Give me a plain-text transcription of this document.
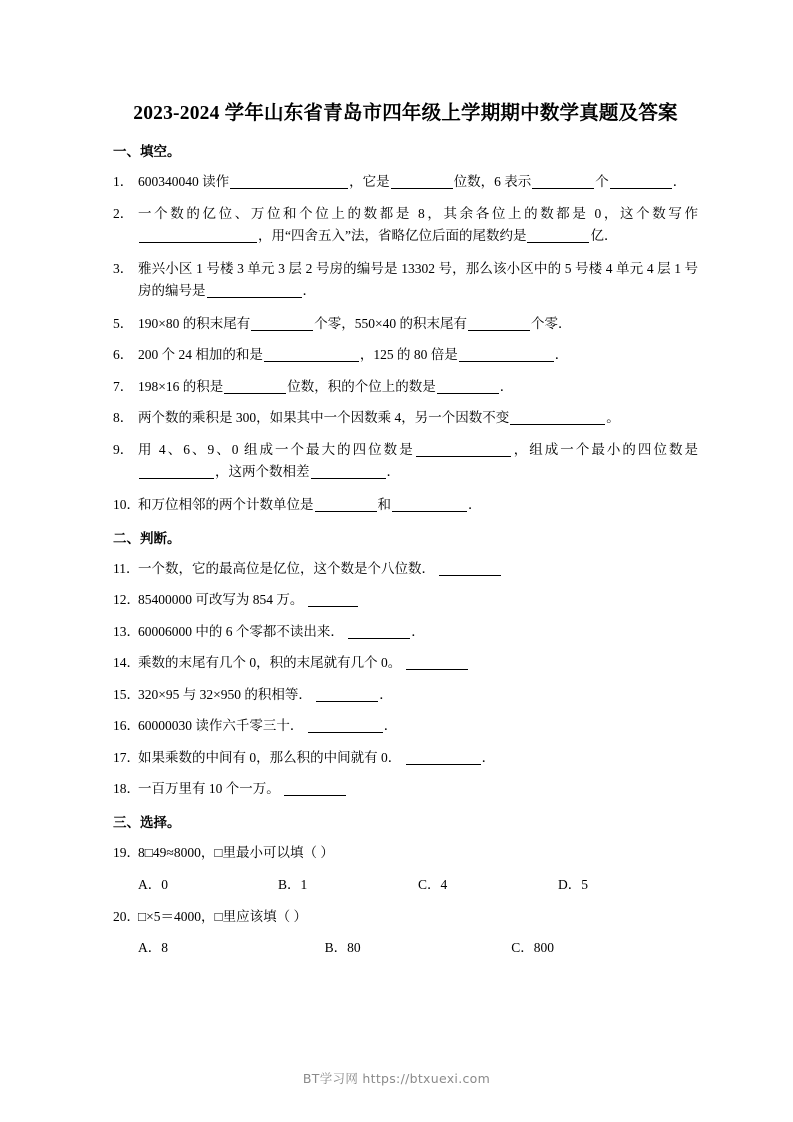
2023-2024 学年山东省青岛市四年级上学期期中数学真题及答案
一、填空。
1． 600340040 读作	，它是	位数，6 表示	个	．
2． 一个数的亿位、万位和个位上的数都是 8，其余各位上的数都是 0，这个数写作，用“四舍五入”法，省略亿位后面的尾数约是	亿．
3． 雅兴小区 1 号楼 3 单元 3 层 2 号房的编号是 13302 号，那么该小区中的 5 号楼 4 单元 4 层 1 号房的编号是	．
5． 190×80 的积末尾有	个零，550×40 的积末尾有	个零．
6． 200 个 24 相加的和是	，125 的 80 倍是	．
7． 198×16 的积是	位数，积的个位上的数是	．
8． 两个数的乘积是 300，如果其中一个因数乘 4，另一个因数不变	。
9． 用 4、6、9、0 组成一个最大的四位数是	，组成一个最小的四位数是，这两个数相差	．
10．
和万位相邻的两个计数单位是	和	．
二、判断。
11．
一个数，它的最高位是亿位，这个数是个八位数．
12．
85400000 可改写为 854 万。
13．
60006000 中的 6 个零都不读出来．	．
14．
乘数的末尾有几个 0，积的末尾就有几个 0。
15．
320×95 与 32×950 的积相等．	．
16．
60000030 读作六千零三十．	．
17．
如果乘数的中间有 0，那么积的中间就有 0．	．
18．
一百万里有 10 个一万。
三、选择。
19．
8□49≈8000，□里最小可以填（ ）
A．0	B．1	C．4	D．5
20．
□×5＝4000，□里应该填（ ）
A．8	B．80	C．800
BT学习网 https://btxuexi.com
